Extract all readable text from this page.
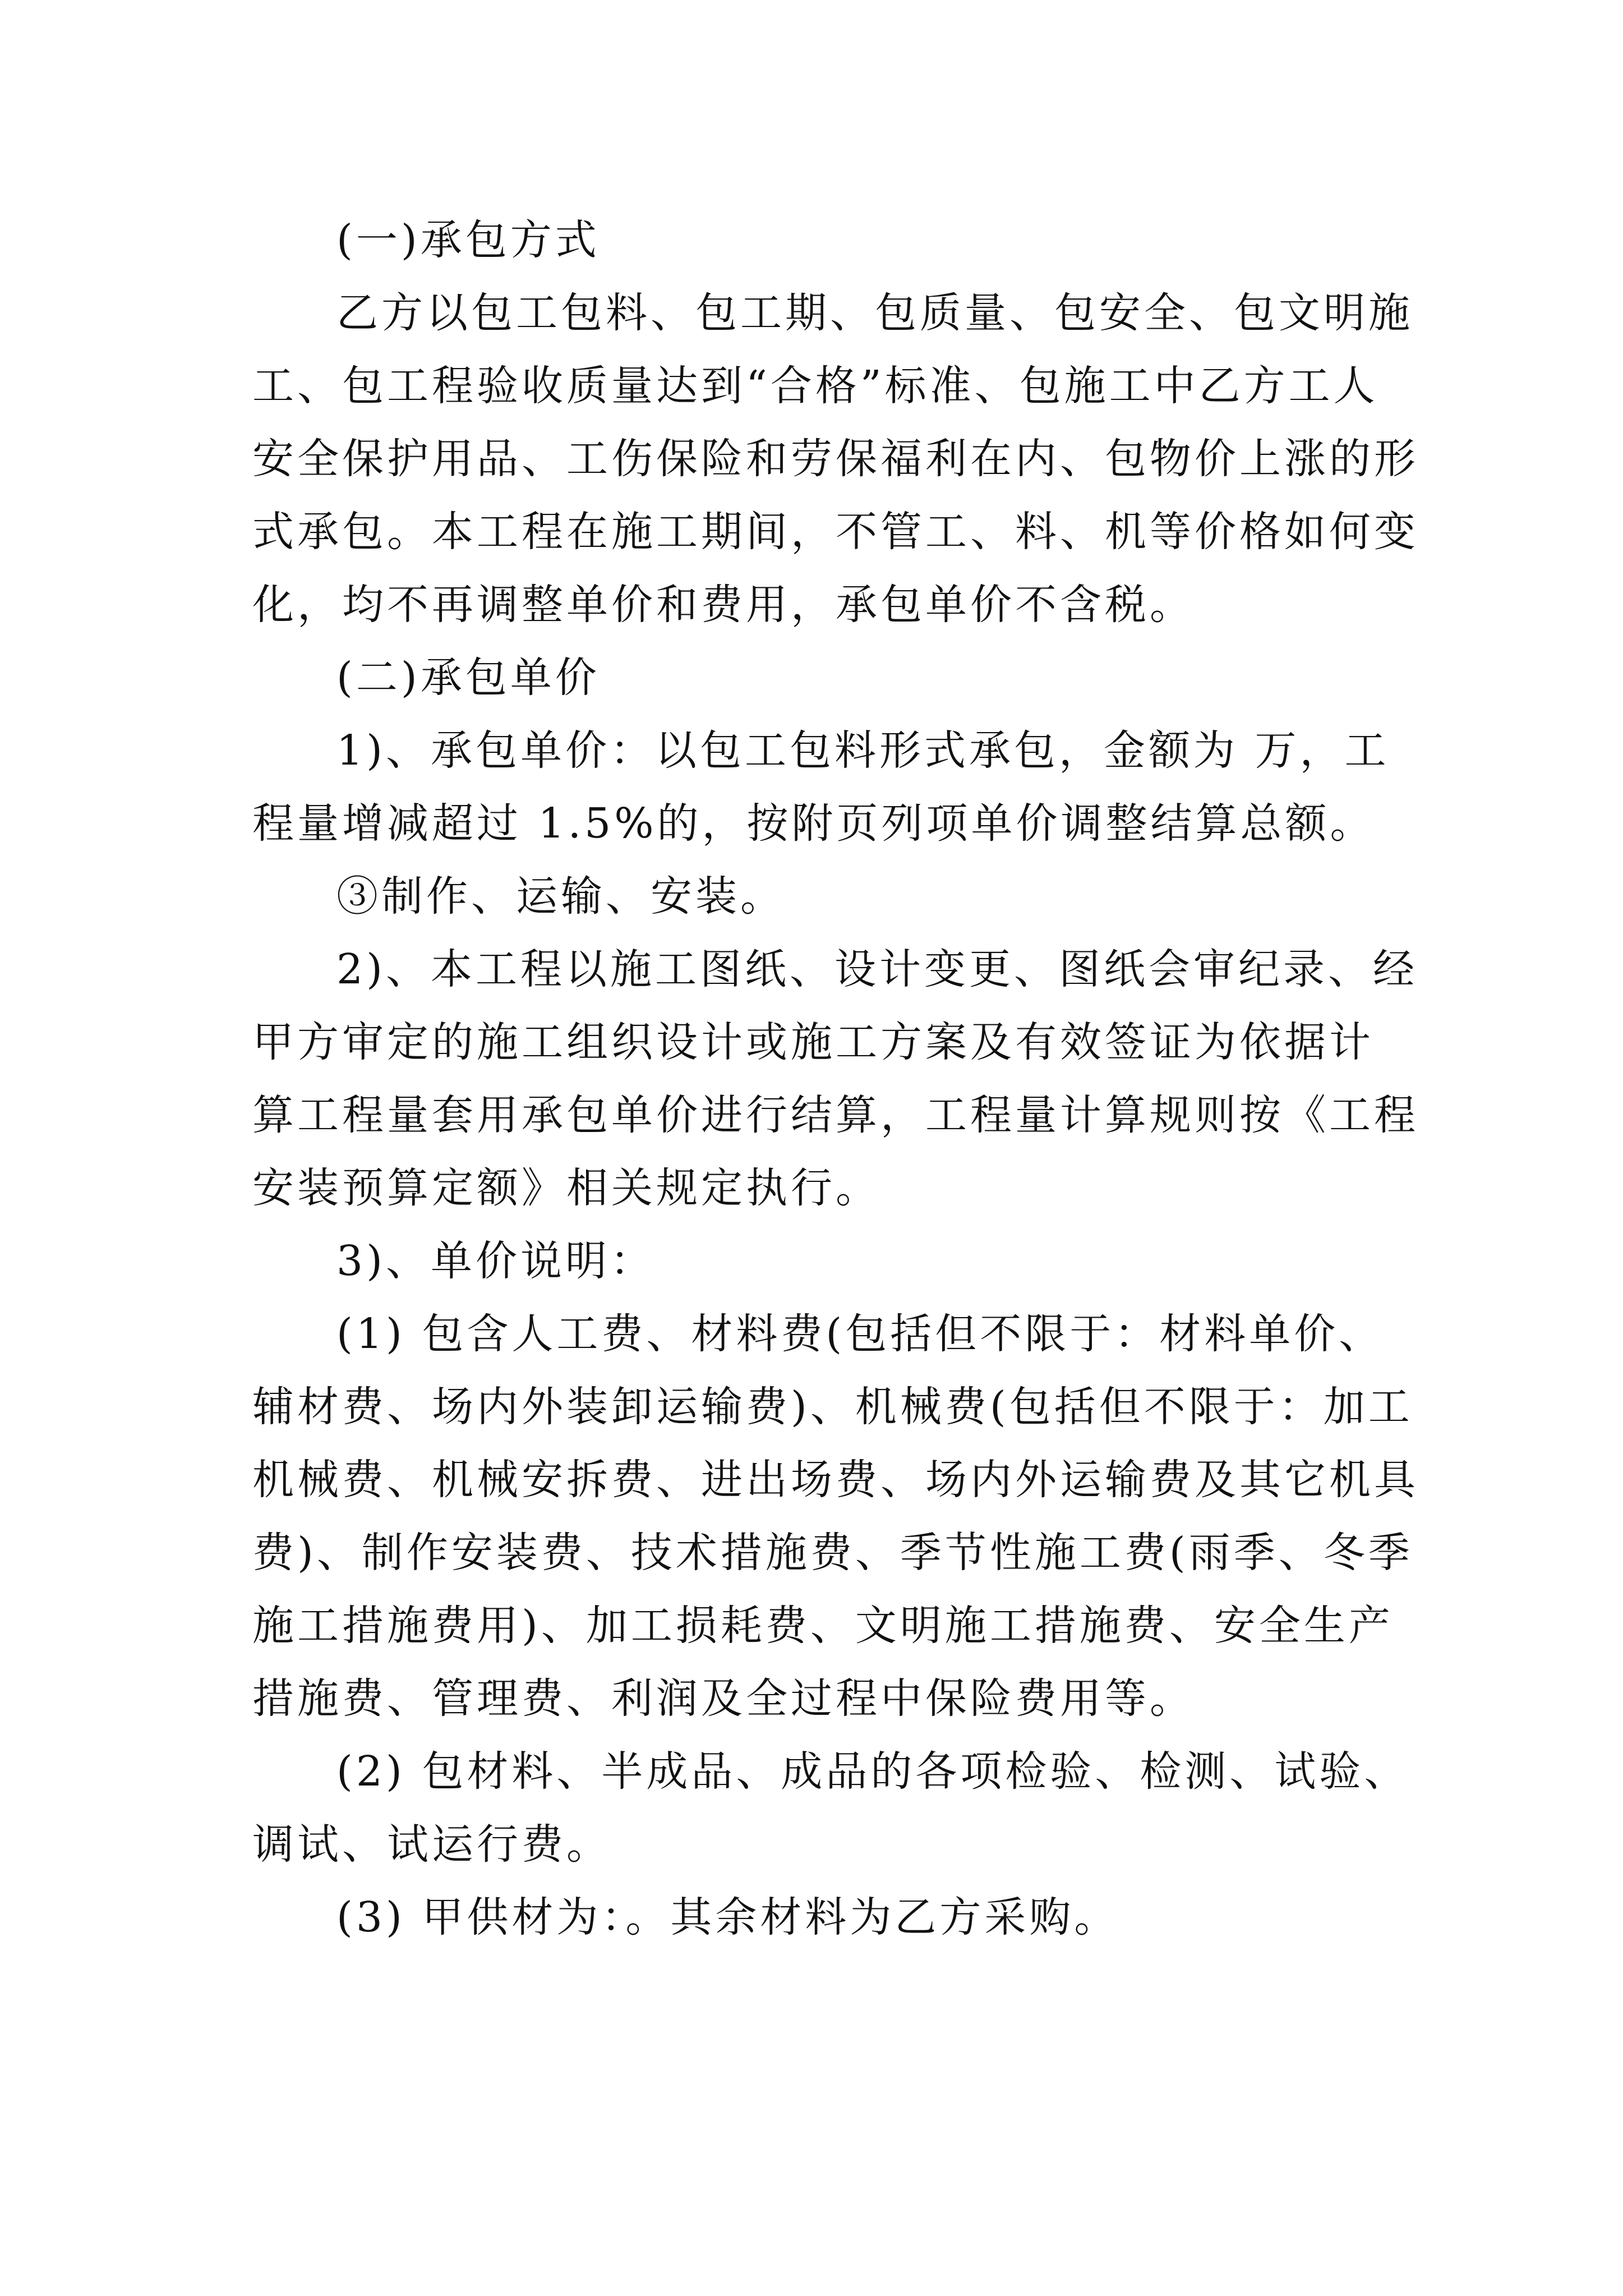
(一)承包方式

乙方以包工包料、包工期、包质量、包安全、包文明施

工、包工程验收质量达到“合格”标准、包施工中乙方工人

安全保护用品、工伤保险和劳保福利在内、包物价上涨的形

式承包。本工程在施工期间，不管工、料、机等价格如何变

化，均不再调整单价和费用，承包单价不含税。

(二)承包单价

1)、承包单价：以包工包料形式承包，金额为 万，工

程量增减超过 1.5%的，按附页列项单价调整结算总额。

③制作、运输、安装。

2)、本工程以施工图纸、设计变更、图纸会审纪录、经

甲方审定的施工组织设计或施工方案及有效签证为依据计

算工程量套用承包单价进行结算，工程量计算规则按《工程

安装预算定额》相关规定执行。

3)、单价说明：

(1) 包含人工费、材料费(包括但不限于：材料单价、

辅材费、场内外装卸运输费)、机械费(包括但不限于：加工

机械费、机械安拆费、进出场费、场内外运输费及其它机具

费)、制作安装费、技术措施费、季节性施工费(雨季、冬季

施工措施费用)、加工损耗费、文明施工措施费、安全生产

措施费、管理费、利润及全过程中保险费用等。

(2) 包材料、半成品、成品的各项检验、检测、试验、

调试、试运行费。

(3) 甲供材为：。其余材料为乙方采购。
